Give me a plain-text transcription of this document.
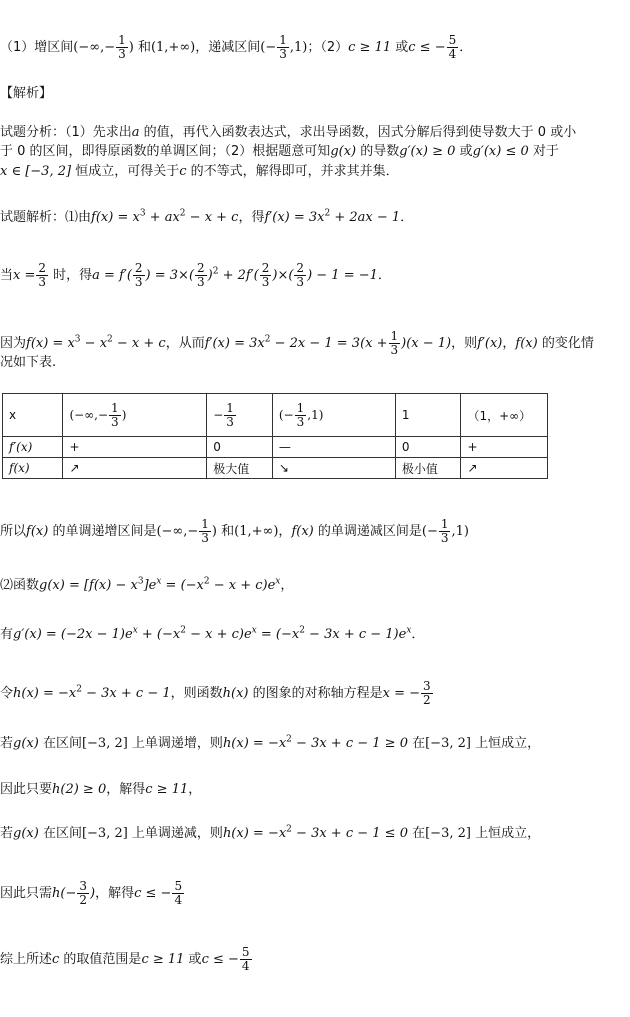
（1）增区间(−∞,− $\frac{1}{3}$ ) 和(1,+∞)，递减区间(− $\frac{1}{3} ,1$)；（2）c ≥ 11 或c ≤ − $\frac{5}{4}$ ．
【解析】
试题分析：（1）先求出a 的值，再代入函数表达式，求出导函数，因式分解后得到使导数大于 0 或小
于 0 的区间，即得原函数的单调区间；（2）根据题意可知g(x) 的导数g′(x) ≥ 0 或g′(x) ≤ 0 对于
x ∈ [−3, 2] 恒成立，可得关于c 的不等式，解得即可，并求其并集．
试题解析：⑴由$f(x) = x^3 + ax^2 - x + c$，得$f'(x) = 3x^2 + 2ax - 1$．
当$x = \frac{2}{3}$ 时，得$a = f'( \frac{2}{3}$ ) = $3\times( \frac{2}{3} )^2 + 2f'( \frac{2}{3}$ )×( $\frac{2}{3}$ ) − 1 = −1．
因为$f(x) = x^3 - x^2 - x + c$，从而$f'(x) = 3x^2 - 2x - 1 = 3(x + \frac{1}{3} )(x - 1)$，则f′(x)，f(x) 的变化情
况如下表.
x	(−∞,− $\frac{1}{3}$ )	− $\frac{1}{3}$	(− $\frac{1}{3} ,1$)	1	（1，+∞）
f′(x)	+	0	—	0	+
f(x)	↗	极大值	↘	极小值	↗
所以f(x) 的单调递增区间是(−∞,− $\frac{1}{3}$ ) 和(1,+∞)，f(x) 的单调递减区间是(− $\frac{1}{3} ,1$)
⑵函数$g(x) = [f(x) - x^3]e^x = (-x^2 - x + c)e^x$，
有$g'(x) = (-2x - 1)e^x + (-x^2 - x + c)e^x = (-x^2 - 3x + c - 1)e^x$．
令$h(x) = -x^2 - 3x + c - 1$，则函数h(x) 的图象的对称轴方程是x = − $\frac{3}{2}$
若g(x) 在区间[−3, 2] 上单调递增，则$h(x) = -x^2 - 3x + c - 1 \ge 0$ 在[−3, 2] 上恒成立，
因此只要h(2) ≥ 0，解得c ≥ 11，
若g(x) 在区间[−3, 2] 上单调递减，则$h(x) = -x^2 - 3x + c - 1 \le 0$ 在[−3, 2] 上恒成立，
因此只需$h(- \frac{3}{2}$ )，解得c ≤ − $\frac{5}{4}$
综上所述c 的取值范围是c ≥ 11 或c ≤ − $\frac{5}{4}$
